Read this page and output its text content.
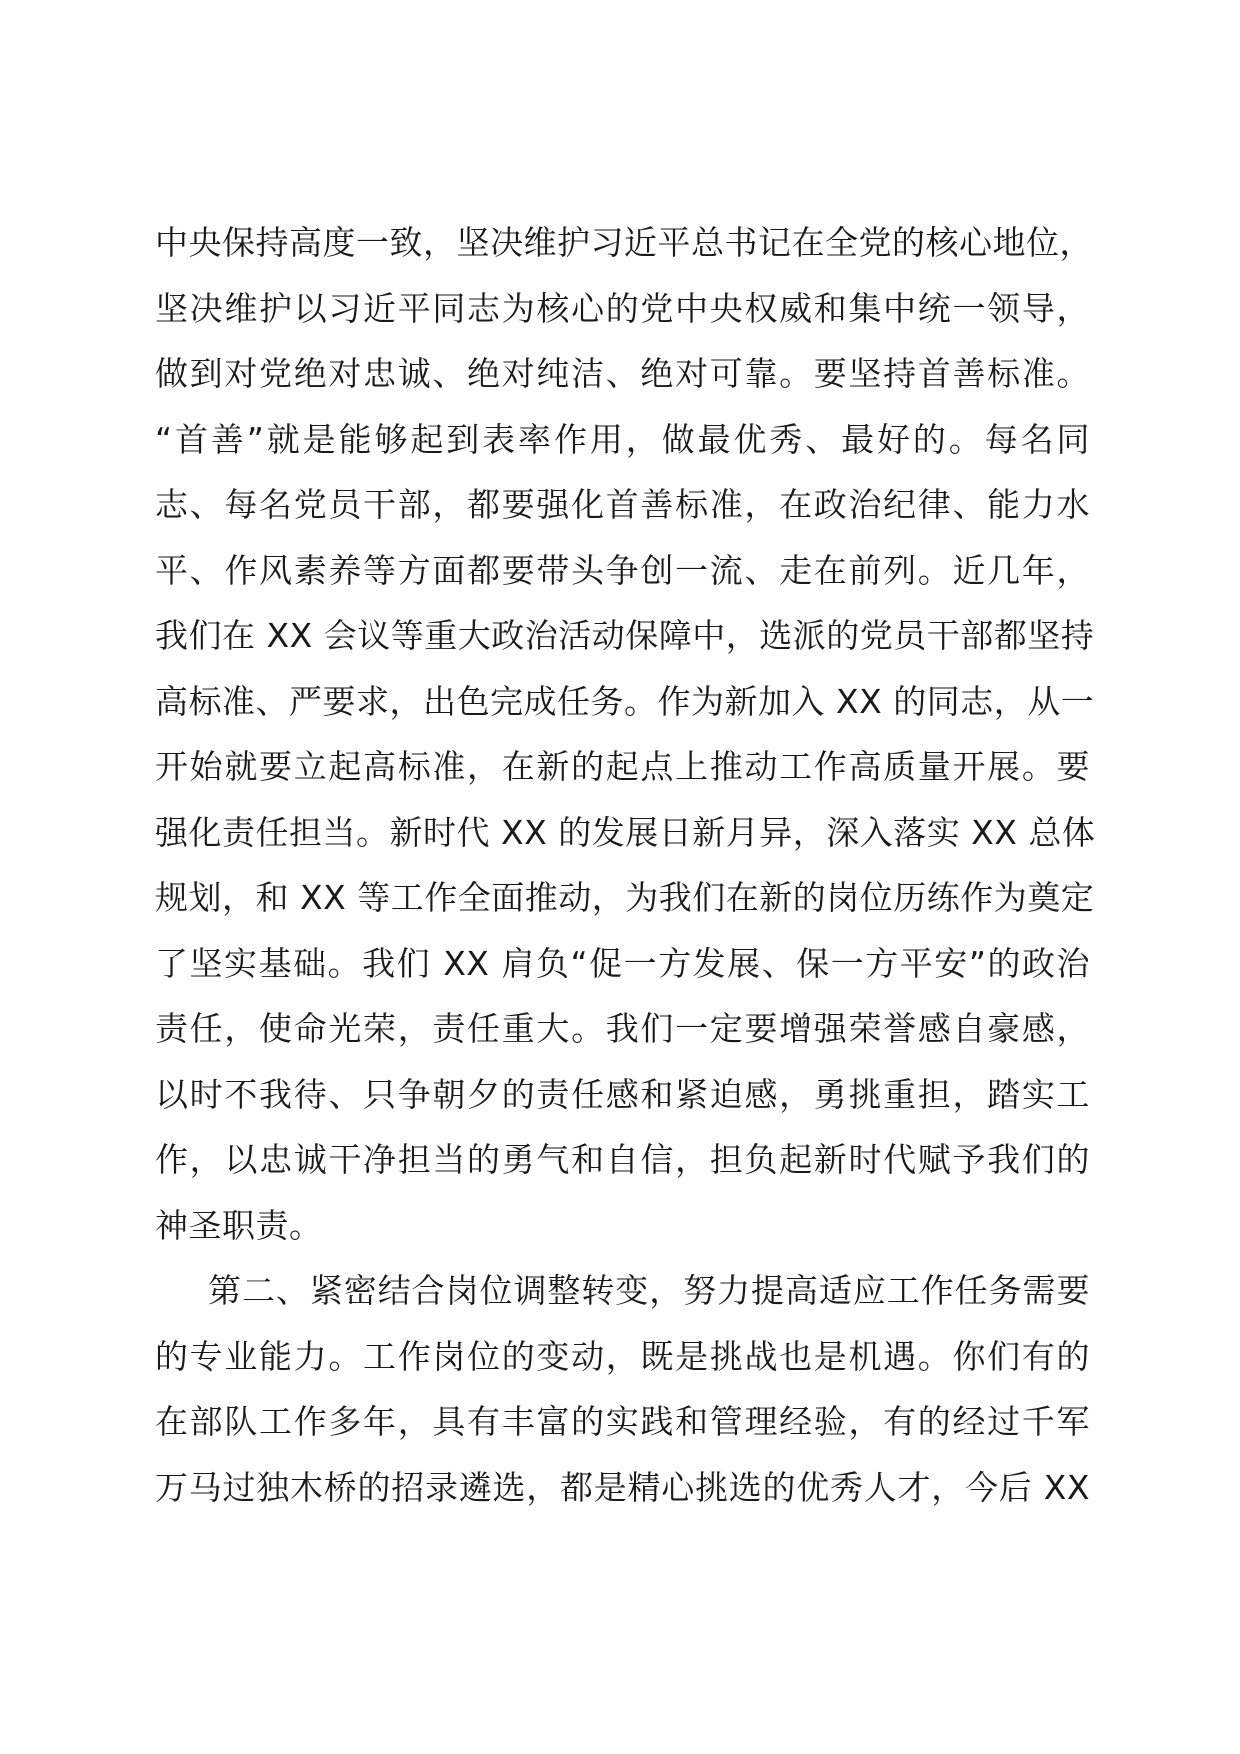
中央保持高度一致，坚决维护习近平总书记在全党的核心地位，
坚决维护以习近平同志为核心的党中央权威和集中统一领导，
做到对党绝对忠诚、绝对纯洁、绝对可靠。要坚持首善标准。
“首善”就是能够起到表率作用，做最优秀、最好的。每名同
志、每名党员干部，都要强化首善标准，在政治纪律、能力水
平、作风素养等方面都要带头争创一流、走在前列。近几年，
我们在 XX 会议等重大政治活动保障中，选派的党员干部都坚持
高标准、严要求，出色完成任务。作为新加入 XX 的同志，从一
开始就要立起高标准，在新的起点上推动工作高质量开展。要
强化责任担当。新时代 XX 的发展日新月异，深入落实 XX 总体
规划，和 XX 等工作全面推动，为我们在新的岗位历练作为奠定
了坚实基础。我们 XX 肩负“促一方发展、保一方平安”的政治
责任，使命光荣，责任重大。我们一定要增强荣誉感自豪感，
以时不我待、只争朝夕的责任感和紧迫感，勇挑重担，踏实工
作，以忠诚干净担当的勇气和自信，担负起新时代赋予我们的
神圣职责。
第二、紧密结合岗位调整转变，努力提高适应工作任务需要
的专业能力。工作岗位的变动，既是挑战也是机遇。你们有的
在部队工作多年，具有丰富的实践和管理经验，有的经过千军
万马过独木桥的招录遴选，都是精心挑选的优秀人才，今后 XX
